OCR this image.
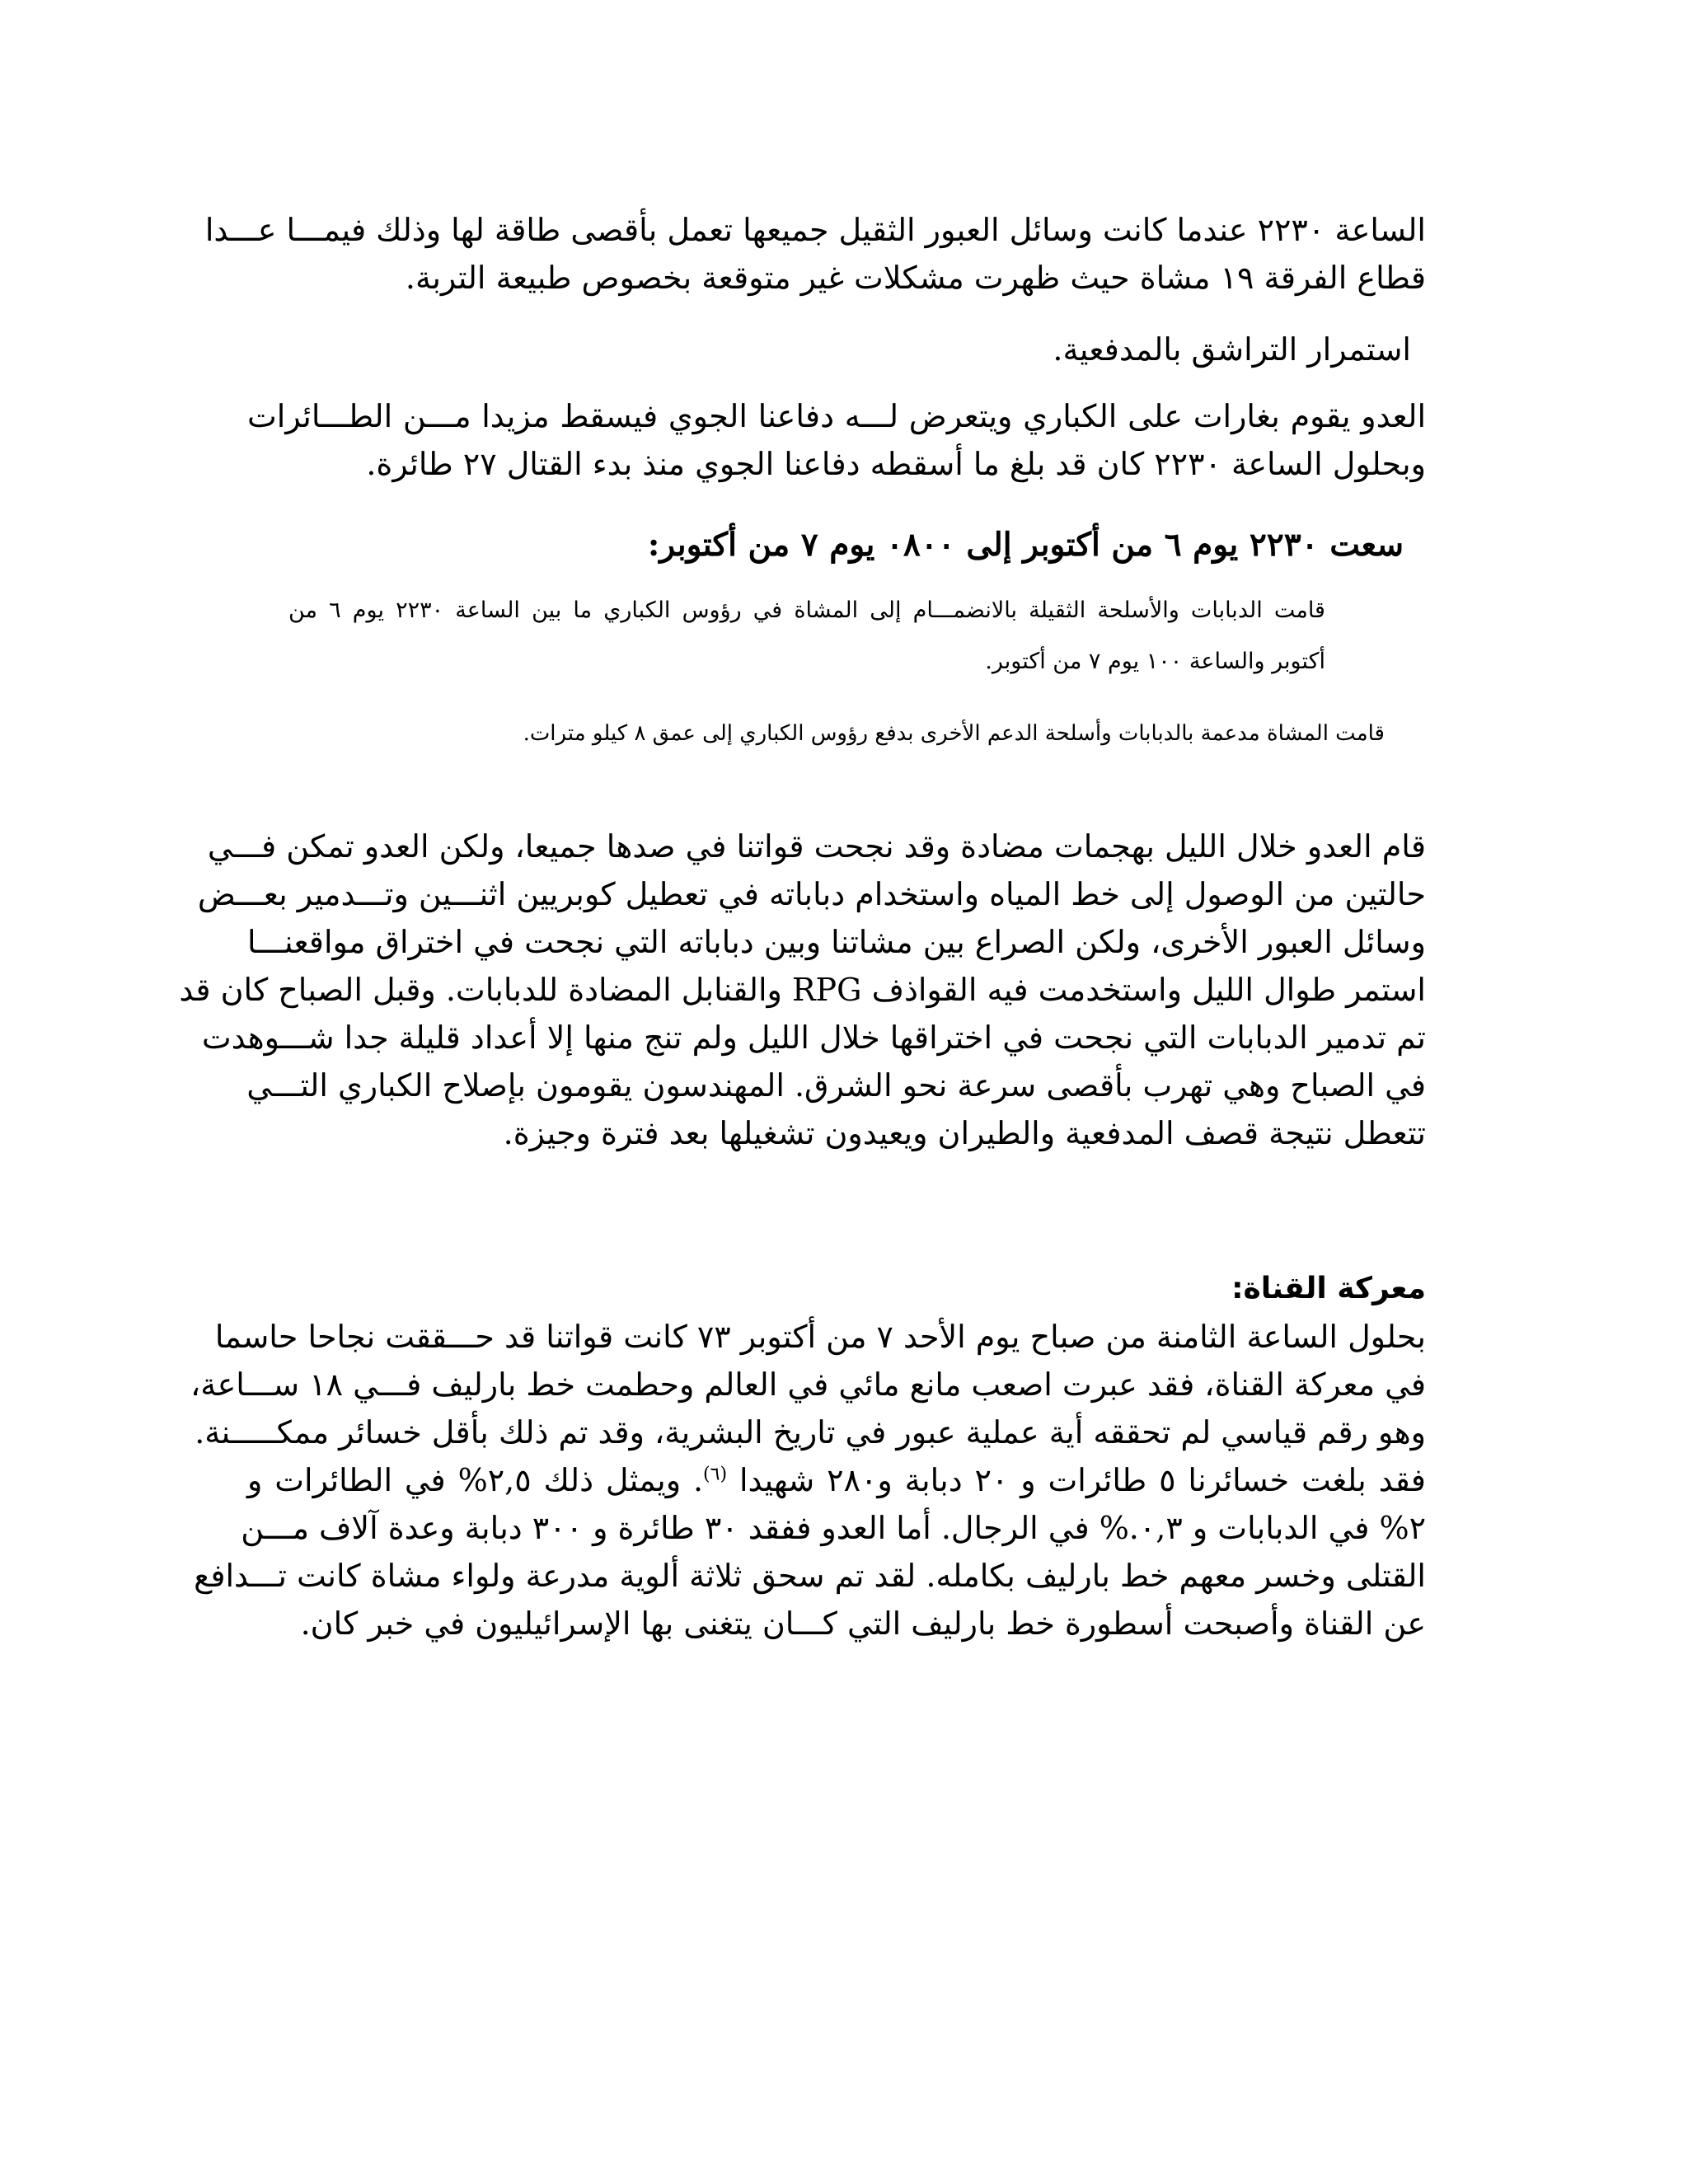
الساعة ٢٢٣٠ عندما كانت وسائل العبور الثقيل جميعها تعمل بأقصى طاقة لها وذلك فيمـــا عـــدا
قطاع الفرقة ١٩ مشاة حيث ظهرت مشكلات غير متوقعة بخصوص طبيعة التربة.
استمرار التراشق بالمدفعية.
العدو يقوم بغارات على الكباري ويتعرض لـــه دفاعنا الجوي فيسقط مزيدا مـــن الطـــائرات
وبحلول الساعة ٢٢٣٠ كان قد بلغ ما أسقطه دفاعنا الجوي منذ بدء القتال ٢٧ طائرة.
سعت ٢٢٣٠ يوم ٦ من أكتوبر إلى ٠٨٠٠ يوم ٧ من أكتوبر:
قامت الدبابات والأسلحة الثقيلة بالانضمـــام إلى المشاة في رؤوس الكباري ما بين الساعة ٢٢٣٠ يوم ٦ من
أكتوبر والساعة ١٠٠ يوم ٧ من أكتوبر.
قامت المشاة مدعمة بالدبابات وأسلحة الدعم الأخرى بدفع رؤوس الكباري إلى عمق ٨ كيلو مترات.
قام العدو خلال الليل بهجمات مضادة وقد نجحت قواتنا في صدها جميعا، ولكن العدو تمكن فـــي
حالتين من الوصول إلى خط المياه واستخدام دباباته في تعطيل كوبريين اثنـــين وتـــدمير بعـــض
وسائل العبور الأخرى، ولكن الصراع بين مشاتنا وبين دباباته التي نجحت في اختراق مواقعنـــا
استمر طوال الليل واستخدمت فيه القواذف RPG والقنابل المضادة للدبابات. وقبل الصباح كان قد
تم تدمير الدبابات التي نجحت في اختراقها خلال الليل ولم تنج منها إلا أعداد قليلة جدا شـــوهدت
في الصباح وهي تهرب بأقصى سرعة نحو الشرق. المهندسون يقومون بإصلاح الكباري التـــي
تتعطل نتيجة قصف المدفعية والطيران ويعيدون تشغيلها بعد فترة وجيزة.
معركة القناة:
بحلول الساعة الثامنة من صباح يوم الأحد ٧ من أكتوبر ٧٣ كانت قواتنا قد حـــققت نجاحا حاسما
في معركة القناة، فقد عبرت اصعب مانع مائي في العالم وحطمت خط بارليف فـــي ١٨ ســـاعة،
وهو رقم قياسي لم تحققه أية عملية عبور في تاريخ البشرية، وقد تم ذلك بأقل خسائر ممكـــــنة.
فقد بلغت خسائرنا ٥ طائرات و ٢٠ دبابة و٢٨٠ شهيدا $^{(٦)}$. ويمثل ذلك ٢,٥% في الطائرات و
٢% في الدبابات و ٠,٣.% في الرجال. أما العدو ففقد ٣٠ طائرة و ٣٠٠ دبابة وعدة آلاف مـــن
القتلى وخسر معهم خط بارليف بكامله. لقد تم سحق ثلاثة ألوية مدرعة ولواء مشاة كانت تـــدافع
عن القناة وأصبحت أسطورة خط بارليف التي كـــان يتغنى بها الإسرائيليون في خبر كان.
